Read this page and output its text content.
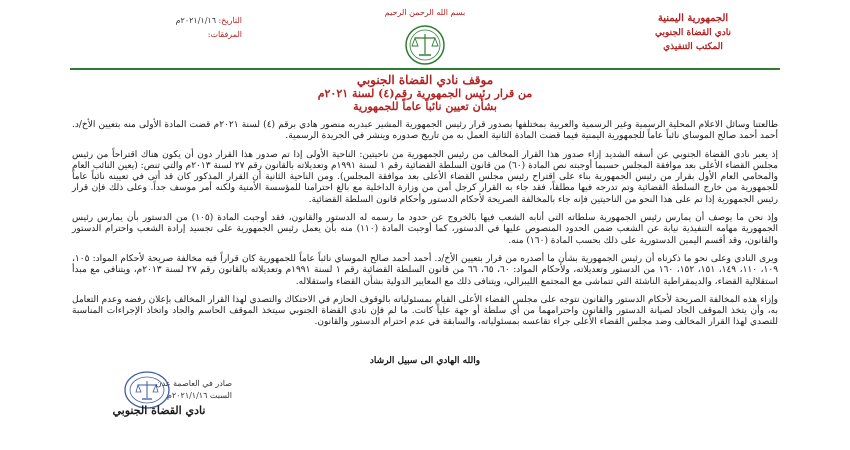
بسم الله الرحمن الرحيم
الجمهورية اليمنية
نادي القضاة الجنوبي
المكتب التنفيذي
التاريخ: ٢٠٢١/١/١٦م
المرفقات:
موقف نادي القضاة الجنوبي
من قرار رئيس الجمهورية رقم(٤) لسنة ٢٠٢١م
بشأن تعيين نائباً عاماً للجمهورية

طالعتنا وسائل الاعلام المحلية الرسمية وغير الرسمية والعربية بمختلفها بصدور قرار رئيس الجمهورية المشير عبدربه منصور هادي برقم (٤) لسنة ٢٠٢١م قضت المادة الأولى منه بتعيين الأخ/د. أحمد أحمد صالح الموساي نائباً عاماً للجمهورية اليمنية فيما قضت المادة الثانية العمل به من تاريخ صدوره وينشر في الجريدة الرسمية.

إذ يعبر نادي القضاة الجنوبي عن أسفه الشديد إزاء صدور هذا القرار المخالف من رئيس الجمهورية من ناحيتين: الناحية الأولى إذا تم صدور هذا القرار دون أن يكون هناك اقتراحاً من رئيس مجلس القضاء الأعلى بعد موافقة المجلس حسبما أوجبته نص المادة (٦٠) من قانون السلطة القضائية رقم ١ لسنة ١٩٩١م وتعديلاته بالقانون رقم ٢٧ لسنة ٢٠١٣م والتي تنص: (يعين النائب العام والمحامي العام الأول بقرار من رئيس الجمهورية بناء على اقتراح رئيس مجلس القضاء الأعلى بعد موافقة المجلس). ومن الناحية الثانية أن القرار المذكور كان قد أتى في تعيينه نائباً عاماً للجمهورية من خارج السلطة القضائية وتم تدرجه فيها مطلقاً، فقد جاء به القرار كرجل أمن من وزارة الداخلية مع بالغ احترامنا للمؤسسة الأمنية ولكنه أمر موسف جداً. وعلى ذلك فإن قرار رئيس الجمهورية إذا تم على هذا النحو من الناحيتين فإنه جاء بالمخالفة الصريحة لأحكام الدستور وأحكام قانون السلطة القضائية.

وإذ نحن ما يوصف أن يمارس رئيس الجمهورية سلطاته التي أنابه الشعب فيها بالخروج عن حدود ما رسمه له الدستور والقانون، فقد أوجبت المادة (١٠٥) من الدستور بأن يمارس رئيس الجمهورية مهامه التنفيذية نيابة عن الشعب ضمن الحدود المنصوص عليها في الدستور، كما أوجبت المادة (١١٠) منه بأن يعمل رئيس الجمهورية على تجسيد إرادة الشعب واحترام الدستور والقانون، وقد أقسم اليمين الدستورية على ذلك بحسب المادة (١٦٠) منه.

ويرى النادي وعلى نحو ما ذكرناه أن رئيس الجمهورية بشأن ما أصدره من قرار بتعيين الأخ/د. أحمد أحمد صالح الموساي نائباً عاماً للجمهورية كان قراراً فيه مخالفة صريحة لأحكام المواد: ١٠٥، ١٠٩، ١١٠، ١٤٩، ١٥١، ١٥٢، ١٦٠ من الدستور وتعديلاته، ولأحكام المواد: ٦٠، ٦٥، ٦٦ من قانون السلطة القضائية رقم ١ لسنة ١٩٩١م وتعديلاته بالقانون رقم ٢٧ لسنة ٢٠١٣م، ويتنافى مع مبدأ استقلالية القضاء، والديمقراطية الناشئة التي تتماشى مع المجتمع الليبرالي، ويتنافى ذلك مع المعايير الدولية بشأن القضاء واستقلاله.

وإزاء هذه المخالفة الصريحة لأحكام الدستور والقانون نتوجه على مجلس القضاء الأعلى القيام بمسئولياته بالوقوف الحازم في الاحتكاك والتصدي لهذا القرار المخالف بإعلان رفضه وعدم التعامل به، وأن يتخذ الموقف الجاد لصيانة الدستور والقانون واحترامهما من أي سلطة أو جهة علياً كانت. ما لم فإن نادي القضاة الجنوبي سيتخذ الموقف الحاسم والجاد واتخاذ الإجراءات المناسبة للتصدي لهذا القرار المخالف وضد مجلس القضاء الأعلى جراء تقاعسه بمسئولياته، والسابقة في عدم احترام الدستور والقانون.

والله الهادي الى سبيل الرشاد
صادر في العاصمة عدن
السبت ٢٠٢١/١/١٦م
نادي القضاة الجنوبي
